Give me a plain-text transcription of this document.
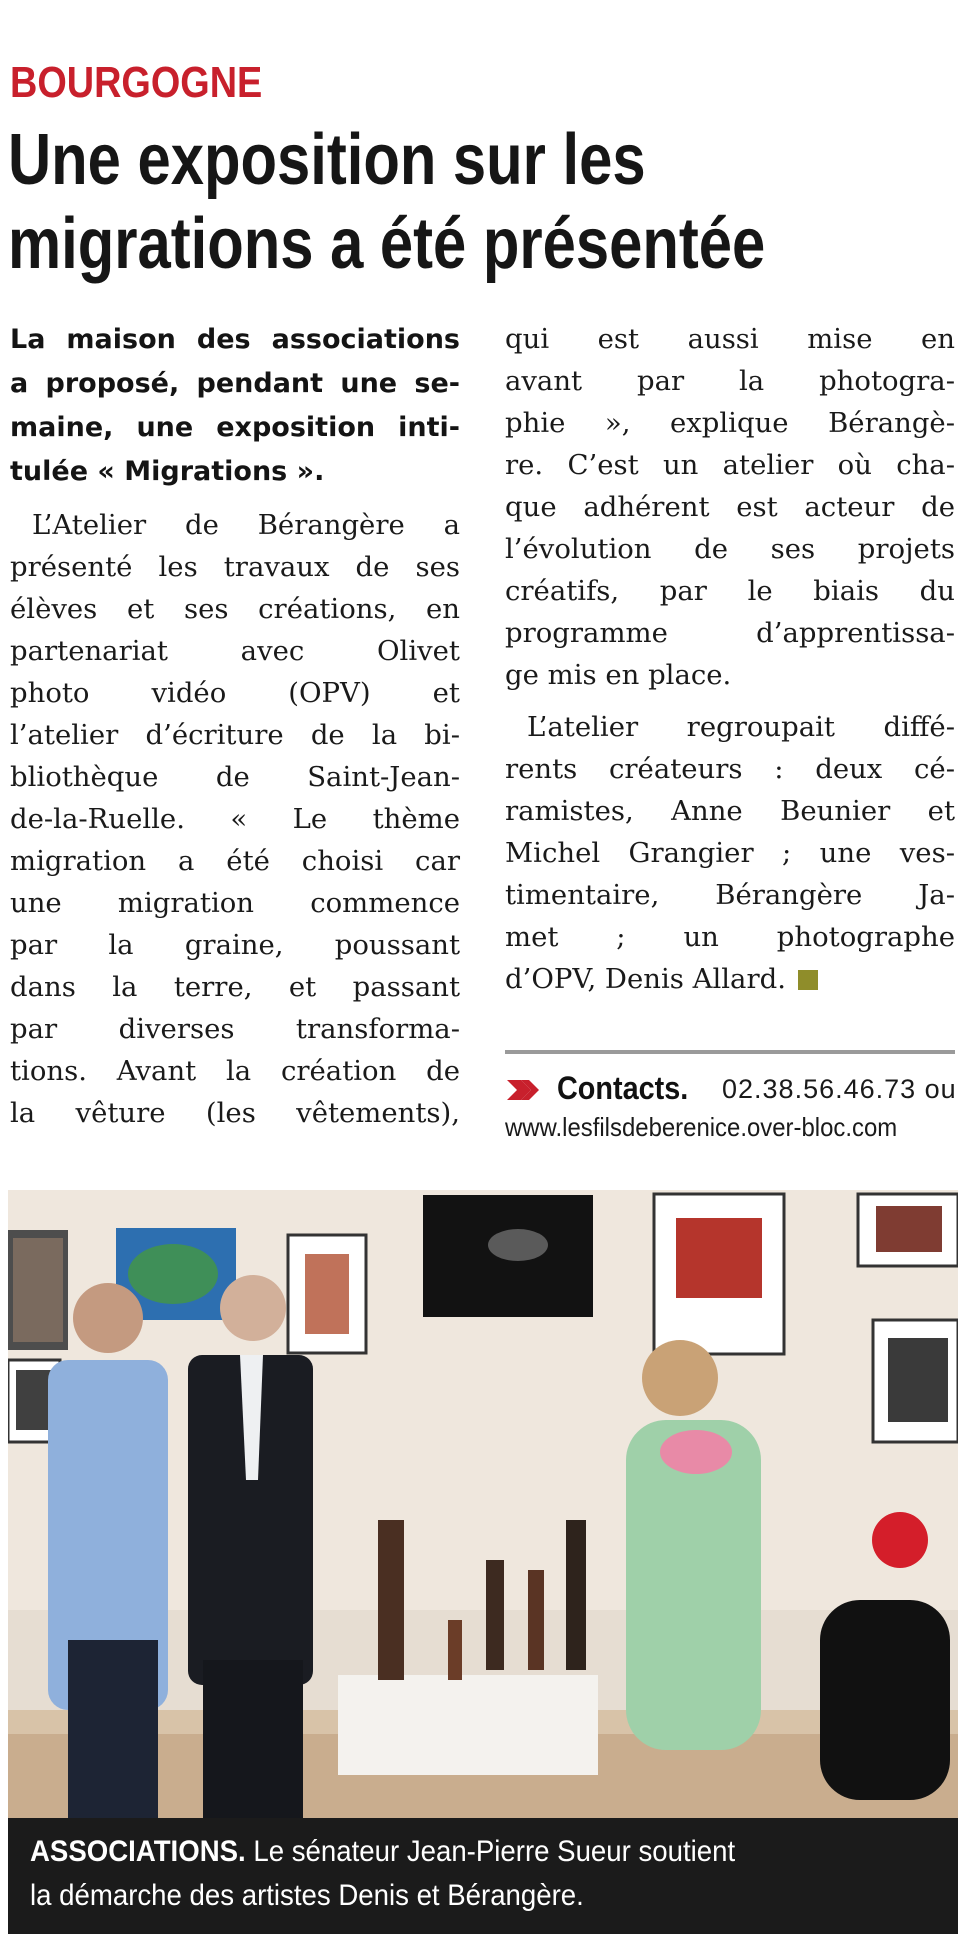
BOURGOGNE
Une exposition sur les
migrations a été présentée
La maison des associations
a proposé, pendant une se-
maine, une exposition inti-
tulée « Migrations ».
L’Atelier de Bérangère a
présenté les travaux de ses
élèves et ses créations, en
partenariat avec Olivet
photo vidéo (OPV) et
l’atelier d’écriture de la bi-
bliothèque de Saint-Jean-
de-la-Ruelle. « Le thème
migration a été choisi car
une migration commence
par la graine, poussant
dans la terre, et passant
par diverses transforma-
tions. Avant la création de
la vêture (les vêtements),
qui est aussi mise en
avant par la photogra-
phie », explique Bérangè-
re. C’est un atelier où cha-
que adhérent est acteur de
l’évolution de ses projets
créatifs, par le biais du
programme d’apprentissa-
ge mis en place.
L’atelier regroupait diffé-
rents créateurs : deux cé-
ramistes, Anne Beunier et
Michel Grangier ; une ves-
timentaire, Bérangère Ja-
met ; un photographe
d’OPV, Denis Allard.
Contacts. 02.38.56.46.73 ou
www.lesfilsdeberenice.over-bloc.com
ASSOCIATIONS. Le sénateur Jean-Pierre Sueur soutient
la démarche des artistes Denis et Bérangère.
